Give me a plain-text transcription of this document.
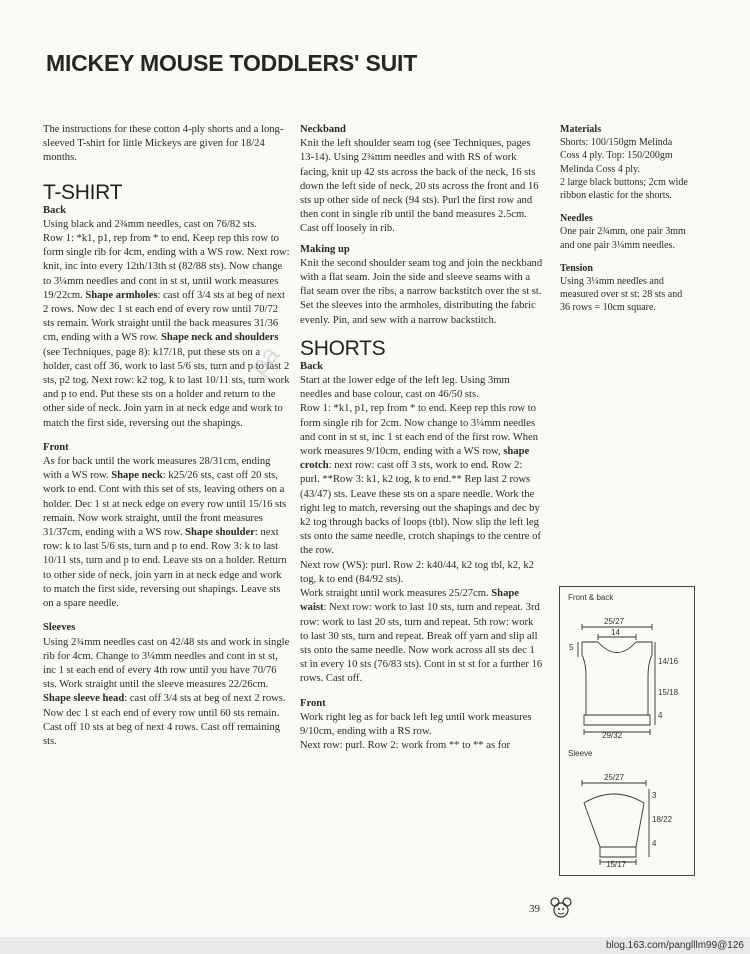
MICKEY MOUSE TODDLERS' SUIT
pa

The instructions for these cotton 4-ply shorts and a long-sleeved T-shirt for little Mickeys are given for 18/24 months.

T-SHIRT

Back

Using black and 2¾mm needles, cast on 76/82 sts.

Row 1: *k1, p1, rep from * to end. Keep rep this row to form single rib for 4cm, ending with a WS row. Next row: knit, inc into every 12th/13th st (82/88 sts). Now change to 3¼mm needles and cont in st st, until work measures 19/22cm. Shape armholes: cast off 3/4 sts at beg of next 2 rows. Now dec 1 st each end of every row until 70/72 sts remain. Work straight until the back measures 31/36 cm, ending with a WS row. Shape neck and shoulders (see Techniques, page 8): k17/18, put these sts on a holder, cast off 36, work to last 5/6 sts, turn and p to last 2 sts, p2 tog. Next row: k2 tog, k to last 10/11 sts, turn work and p to end. Put these sts on a holder and return to the other side of neck. Join yarn in at neck edge and work to match the first side, reversing out the shapings.

Front

As for back until the work measures 28/31cm, ending with a WS row. Shape neck: k25/26 sts, cast off 20 sts, work to end. Cont with this set of sts, leaving others on a holder. Dec 1 st at neck edge on every row until 15/16 sts remain. Now work straight, until the front measures 31/37cm, ending with a WS row. Shape shoulder: next row: k to last 5/6 sts, turn and p to end. Row 3: k to last 10/11 sts, turn and p to end. Leave sts on a holder. Return to other side of neck, join yarn in at neck edge and work to match the first side, reversing out shapings. Leave sts on a spare needle.

Sleeves

Using 2¾mm needles cast on 42/48 sts and work in single rib for 4cm. Change to 3¼mm needles and cont in st st, inc 1 st each end of every 4th row until you have 70/76 sts. Work straight until the sleeve measures 22/26cm. Shape sleeve head: cast off 3/4 sts at beg of next 2 rows. Now dec 1 st each end of every row until 60 sts remain. Cast off 10 sts at beg of next 4 rows. Cast off remaining sts.

Neckband

Knit the left shoulder seam tog (see Techniques, pages 13-14). Using 2¾mm needles and with RS of work facing, knit up 42 sts across the back of the neck, 16 sts down the left side of neck, 20 sts across the front and 16 sts up other side of neck (94 sts). Purl the first row and then cont in single rib until the band measures 2.5cm. Cast off loosely in rib.

Making up

Knit the second shoulder seam tog and join the neckband with a flat seam. Join the side and sleeve seams with a flat seam over the ribs, a narrow backstitch over the st st. Set the sleeves into the armholes, distributing the fabric evenly. Pin, and sew with a narrow backstitch.

SHORTS

Back

Start at the lower edge of the left leg. Using 3mm needles and base colour, cast on 46/50 sts.

Row 1: *k1, p1, rep from * to end. Keep rep this row to form single rib for 2cm. Now change to 3¼mm needles and cont in st st, inc 1 st each end of the first row. When work measures 9/10cm, ending with a WS row, shape crotch: next row: cast off 3 sts, work to end. Row 2: purl. **Row 3: k1, k2 tog, k to end.** Rep last 2 rows (43/47) sts. Leave these sts on a spare needle. Work the right leg to match, reversing out the shapings and dec by k2 tog through backs of loops (tbl). Now slip the left leg sts onto the same needle, crotch shapings to the centre of the row.

Next row (WS): purl. Row 2: k40/44, k2 tog tbl, k2, k2 tog, k to end (84/92 sts).

Work straight until work measures 25/27cm. Shape waist: Next row: work to last 10 sts, turn and repeat. 3rd row: work to last 20 sts, turn and repeat. 5th row: work to last 30 sts, turn and repeat. Break off yarn and slip all sts onto the same needle. Now work across all sts dec 1 st in every 10 sts (76/83 sts). Cont in st st for a further 16 rows. Cast off.

Front

Work right leg as for back left leg until work measures 9/10cm, ending with a RS row.

Next row: purl. Row 2: work from ** to ** as for

Materials

Shorts: 100/150gm Melinda Coss 4 ply. Top: 150/200gm Melinda Coss 4 ply.

2 large black buttons; 2cm wide ribbon elastic for the shorts.

Needles

One pair 2¾mm, one pair 3mm and one pair 3¼mm needles.

Tension

Using 3¼mm needles and measured over st st: 28 sts and 36 rows = 10cm square.

Front & back
25/27
14
5
14/16
15/18
4
29/32
Sleeve
25/27
3
18/22
4
15/17
39
blog.163.com/panglllm99@126
